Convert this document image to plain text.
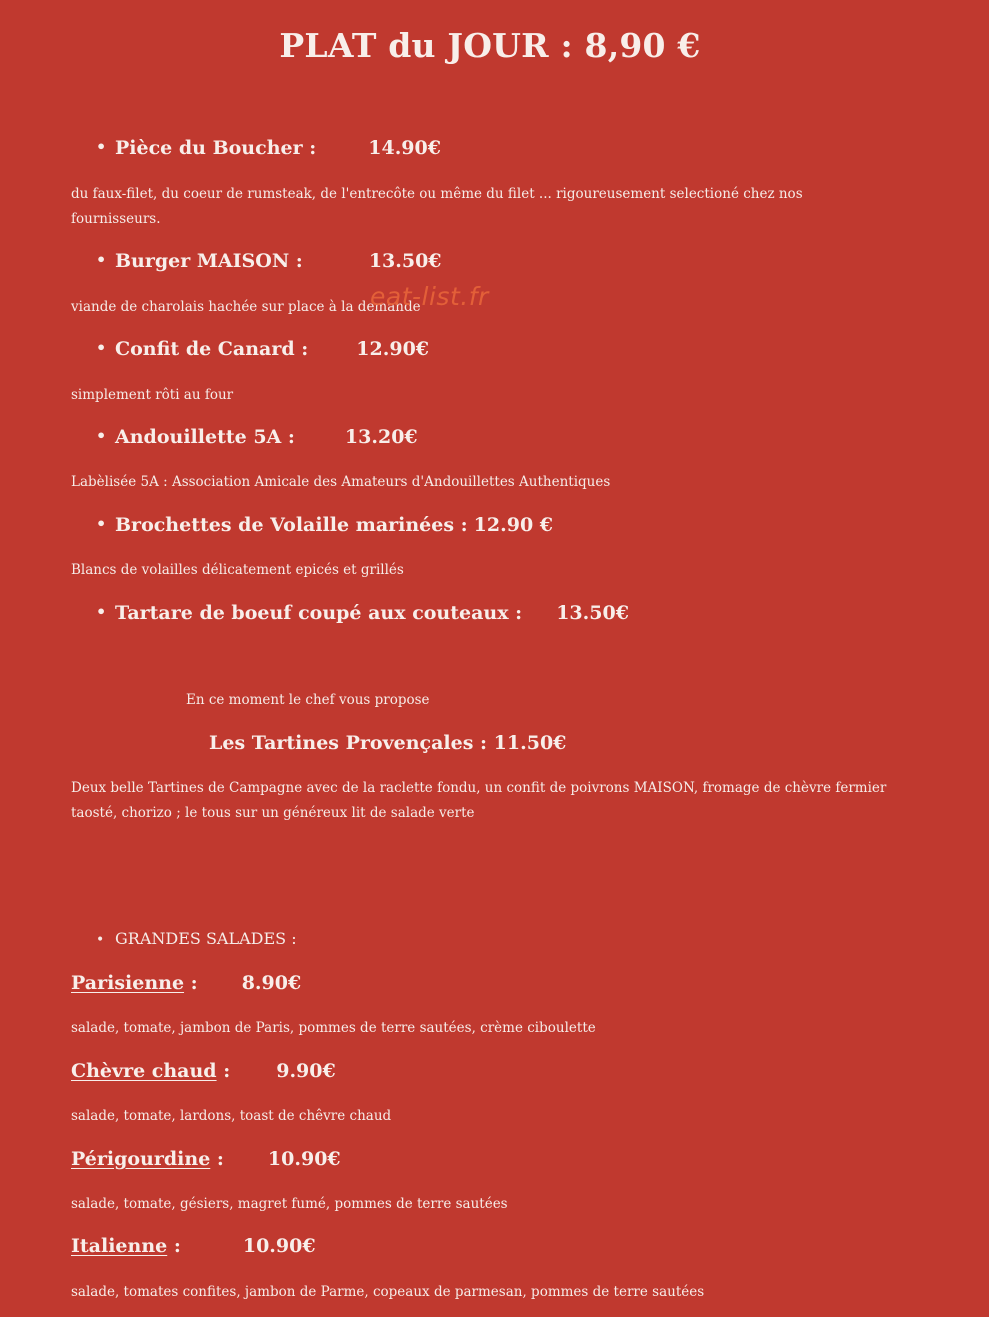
PLAT du JOUR : 8,90 €
• Pièce du Boucher :	14.90€
du faux-filet, du coeur de rumsteak, de l'entrecôte ou même du filet ... rigoureusement selectioné chez nos fournisseurs.
• Burger MAISON :	13.50€
viande de charolais hachée sur place à la demande
eat-list.fr
• Confit de Canard :	12.90€
simplement rôti au four
• Andouillette 5A :	13.20€
Labèlisée 5A : Association Amicale des Amateurs d'Andouillettes Authentiques
• Brochettes de Volaille marinées : 12.90 €
Blancs de volailles délicatement epicés et grillés
• Tartare de boeuf coupé aux couteaux : 13.50€
En ce moment le chef vous propose
Les Tartines Provençales : 11.50€
Deux belle Tartines de Campagne avec de la raclette fondu, un confit de poivrons MAISON, fromage de chèvre fermier taosté, chorizo ; le tous sur un généreux lit de salade verte
• GRANDES SALADES :
Parisienne : 8.90€
salade, tomate, jambon de Paris, pommes de terre sautées, crème ciboulette
Chèvre chaud : 9.90€
salade, tomate, lardons, toast de chêvre chaud
Périgourdine : 10.90€
salade, tomate, gésiers, magret fumé, pommes de terre sautées
Italienne :	10.90€
salade, tomates confites, jambon de Parme, copeaux de parmesan, pommes de terre sautées
